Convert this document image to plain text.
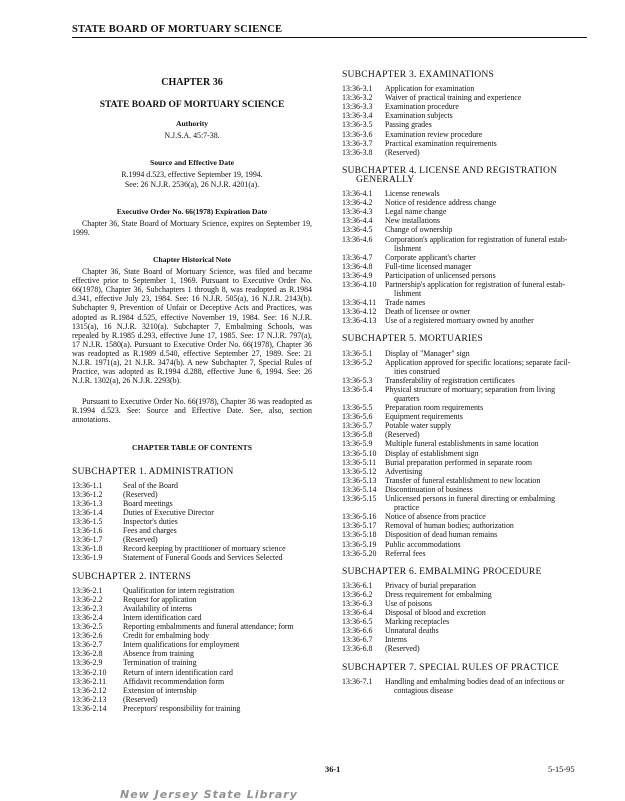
STATE BOARD OF MORTUARY SCIENCE
CHAPTER 36
STATE BOARD OF MORTUARY SCIENCE
Authority
N.J.S.A. 45:7-38.
Source and Effective Date
R.1994 d.523, effective September 19, 1994.
See: 26 N.J.R. 2536(a), 26 N.J.R. 4201(a).
Executive Order No. 66(1978) Expiration Date

Chapter 36, State Board of Mortuary Science, expires on September 19, 1999.

Chapter Historical Note

Chapter 36, State Board of Mortuary Science, was filed and became effective prior to September 1, 1969. Pursuant to Executive Order No. 66(1978), Chapter 36, Subchapters 1 through 8, was readopted as R.1984 d.341, effective July 23, 1984. See: 16 N.J.R. 505(a), 16 N.J.R. 2143(b). Subchapter 9, Prevention of Unfair or Deceptive Acts and Practices, was adopted as R.1984 d.525, effective November 19, 1984. See: 16 N.J.R. 1315(a), 16 N.J.R. 3210(a). Subchapter 7, Embalming Schools, was repealed by R.1985 d.293, effective June 17, 1985. See: 17 N.J.R. 797(a), 17 N.J.R. 1580(a). Pursuant to Executive Order No. 66(1978), Chapter 36 was readopted as R.1989 d.540, effective September 27, 1989. See: 21 N.J.R. 1971(a), 21 N.J.R. 3474(b). A new Subchapter 7, Special Rules of Practice, was adopted as R.1994 d.288, effective June 6, 1994. See: 26 N.J.R. 1302(a), 26 N.J.R. 2293(b).

Pursuant to Executive Order No. 66(1978), Chapter 36 was readopted as R.1994 d.523. See: Source and Effective Date. See, also, section annotations.

CHAPTER TABLE OF CONTENTS
SUBCHAPTER 1. ADMINISTRATION
13:36-1.1	Seal of the Board
13:36-1.2	(Reserved)
13:36-1.3	Board meetings
13:36-1.4	Duties of Executive Director
13:36-1.5	Inspector's duties
13:36-1.6	Fees and charges
13:36-1.7	(Reserved)
13:36-1.8	Record keeping by practitioner of mortuary science
13:36-1.9	Statement of Funeral Goods and Services Selected
SUBCHAPTER 2. INTERNS
13:36-2.1	Qualification for intern registration
13:36-2.2	Request for application
13:36-2.3	Availability of interns
13:36-2.4	Intern identification card
13:36-2.5	Reporting embalmments and funeral attendance; form
13:36-2.6	Credit for embalming body
13:36-2.7	Intern qualifications for employment
13:36-2.8	Absence from training
13:36-2.9	Termination of training
13:36-2.10	Return of intern identification card
13:36-2.11	Affidavit recommendation form
13:36-2.12	Extension of internship
13:36-2.13	(Reserved)
13:36-2.14	Preceptors' responsibility for training
SUBCHAPTER 3. EXAMINATIONS
13:36-3.1	Application for examination
13:36-3.2	Waiver of practical training and experience
13:36-3.3	Examination procedure
13:36-3.4	Examination subjects
13:36-3.5	Passing grades
13:36-3.6	Examination review procedure
13:36-3.7	Practical examination requirements
13:36-3.8	(Reserved)
SUBCHAPTER 4. LICENSE AND REGISTRATION
GENERALLY
13:36-4.1	License renewals
13:36-4.2	Notice of residence address change
13:36-4.3	Legal name change
13:36-4.4	New installations
13:36-4.5	Change of ownership
13:36-4.6	Corporation's application for registration of funeral estab-
lishment
13:36-4.7	Corporate applicant's charter
13:36-4.8	Full-time licensed manager
13:36-4.9	Participation of unlicensed persons
13:36-4.10	Partnership's application for registration of funeral estab-
lishment
13:36-4.11	Trade names
13:36-4.12	Death of licensee or owner
13:36-4.13	Use of a registered mortuary owned by another
SUBCHAPTER 5. MORTUARIES
13:36-5.1	Display of "Manager" sign
13:36-5.2	Application approved for specific locations; separate facil-
ities construed
13:36-5.3	Transferability of registration certificates
13:36-5.4	Physical structure of mortuary; separation from living
quarters
13:36-5.5	Preparation room requirements
13:36-5.6	Equipment requirements
13:36-5.7	Potable water supply
13:36-5.8	(Reserved)
13:36-5.9	Multiple funeral establishments in same location
13:36-5.10	Display of establishment sign
13:36-5.11	Burial preparation performed in separate room
13:36-5.12	Advertising
13:36-5.13	Transfer of funeral establishment to new location
13:36-5.14	Discontinuation of business
13:36-5.15	Unlicensed persons in funeral directing or embalming
practice
13:36-5.16	Notice of absence from practice
13:36-5.17	Removal of human bodies; authorization
13:36-5.18	Disposition of dead human remains
13:36-5.19	Public accommodations
13:36-5.20	Referral fees
SUBCHAPTER 6. EMBALMING PROCEDURE
13:36-6.1	Privacy of burial preparation
13:36-6.2	Dress requirement for embalming
13:36-6.3	Use of poisons
13:36-6.4	Disposal of blood and excretion
13:36-6.5	Marking receptacles
13:36-6.6	Unnatural deaths
13:36-6.7	Interns
13:36-6.8	(Reserved)
SUBCHAPTER 7. SPECIAL RULES OF PRACTICE
13:36-7.1	Handling and embalming bodies dead of an infectious or
contagious disease
36-1	5-15-95
New Jersey State Library
